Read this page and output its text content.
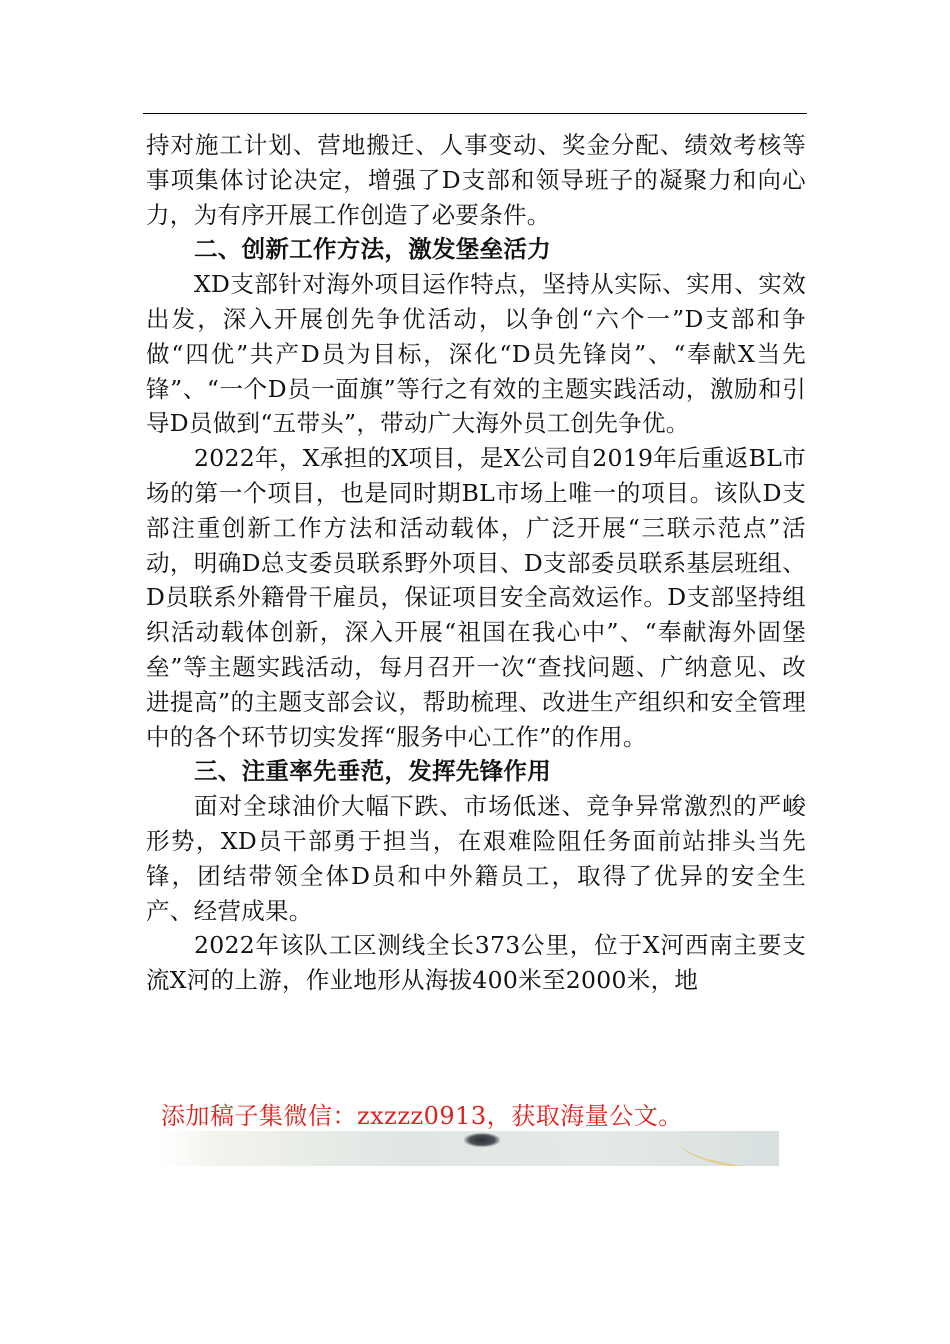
持对施工计划、营地搬迁、人事变动、奖金分配、绩效考核等事项集体讨论决定，增强了D支部和领导班子的凝聚力和向心力，为有序开展工作创造了必要条件。

二、创新工作方法，激发堡垒活力

XD支部针对海外项目运作特点，坚持从实际、实用、实效出发，深入开展创先争优活动，以争创“六个一”D支部和争做“四优”共产D员为目标，深化“D员先锋岗”、“奉献X当先锋”、“一个D员一面旗”等行之有效的主题实践活动，激励和引导D员做到“五带头”，带动广大海外员工创先争优。

2022年，X承担的X项目，是X公司自2019年后重返BL市场的第一个项目，也是同时期BL市场上唯一的项目。该队D支部注重创新工作方法和活动载体，广泛开展“三联示范点”活动，明确D总支委员联系野外项目、D支部委员联系基层班组、D员联系外籍骨干雇员，保证项目安全高效运作。D支部坚持组织活动载体创新，深入开展“祖国在我心中”、“奉献海外固堡垒”等主题实践活动，每月召开一次“查找问题、广纳意见、改进提高”的主题支部会议，帮助梳理、改进生产组织和安全管理中的各个环节切实发挥“服务中心工作”的作用。

三、注重率先垂范，发挥先锋作用

面对全球油价大幅下跌、市场低迷、竞争异常激烈的严峻形势，XD员干部勇于担当，在艰难险阻任务面前站排头当先锋，团结带领全体D员和中外籍员工，取得了优异的安全生产、经营成果。

2022年该队工区测线全长373公里，位于X河西南主要支流X河的上游，作业地形从海拔400米至2000米，地

添加稿子集微信：zxzzz0913，获取海量公文。
